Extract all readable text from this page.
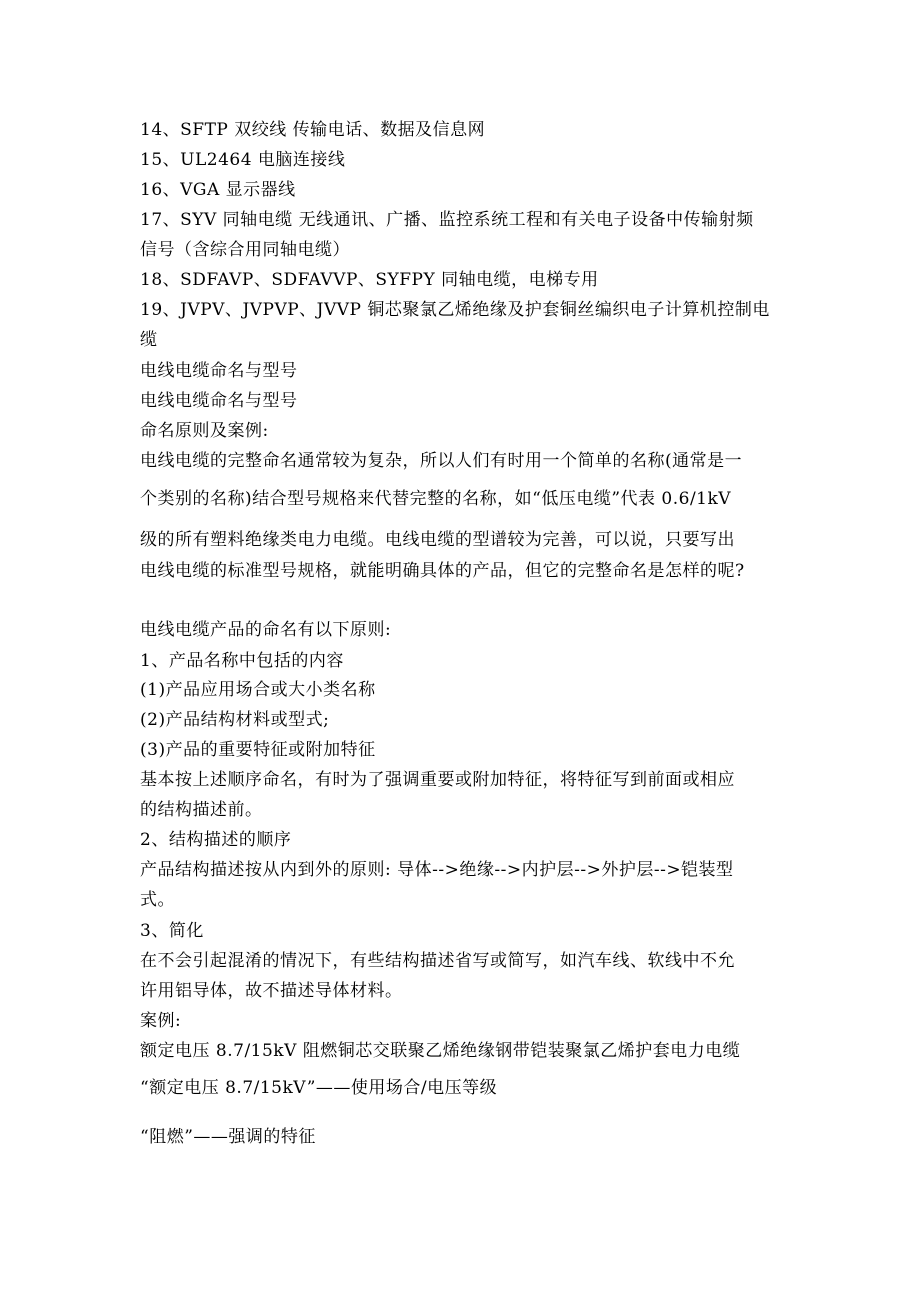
14、SFTP 双绞线 传输电话、数据及信息网
15、UL2464 电脑连接线
16、VGA 显示器线
17、SYV 同轴电缆 无线通讯、广播、监控系统工程和有关电子设备中传输射频
信号（含综合用同轴电缆）
18、SDFAVP、SDFAVVP、SYFPY 同轴电缆，电梯专用
19、JVPV、JVPVP、JVVP 铜芯聚氯乙烯绝缘及护套铜丝编织电子计算机控制电
缆
电线电缆命名与型号
电线电缆命名与型号
命名原则及案例:
电线电缆的完整命名通常较为复杂，所以人们有时用一个简单的名称(通常是一
个类别的名称)结合型号规格来代替完整的名称，如“低压电缆”代表 0.6/1kV
级的所有塑料绝缘类电力电缆。电线电缆的型谱较为完善，可以说，只要写出
电线电缆的标准型号规格，就能明确具体的产品，但它的完整命名是怎样的呢?
电线电缆产品的命名有以下原则:
1、产品名称中包括的内容
(1)产品应用场合或大小类名称
(2)产品结构材料或型式;
(3)产品的重要特征或附加特征
基本按上述顺序命名，有时为了强调重要或附加特征，将特征写到前面或相应
的结构描述前。
2、结构描述的顺序
产品结构描述按从内到外的原则: 导体-->绝缘-->内护层-->外护层-->铠装型
式。
3、简化
在不会引起混淆的情况下，有些结构描述省写或简写，如汽车线、软线中不允
许用铝导体，故不描述导体材料。
案例:
额定电压 8.7/15kV 阻燃铜芯交联聚乙烯绝缘钢带铠装聚氯乙烯护套电力电缆
“额定电压 8.7/15kV”——使用场合/电压等级
“阻燃”——强调的特征
